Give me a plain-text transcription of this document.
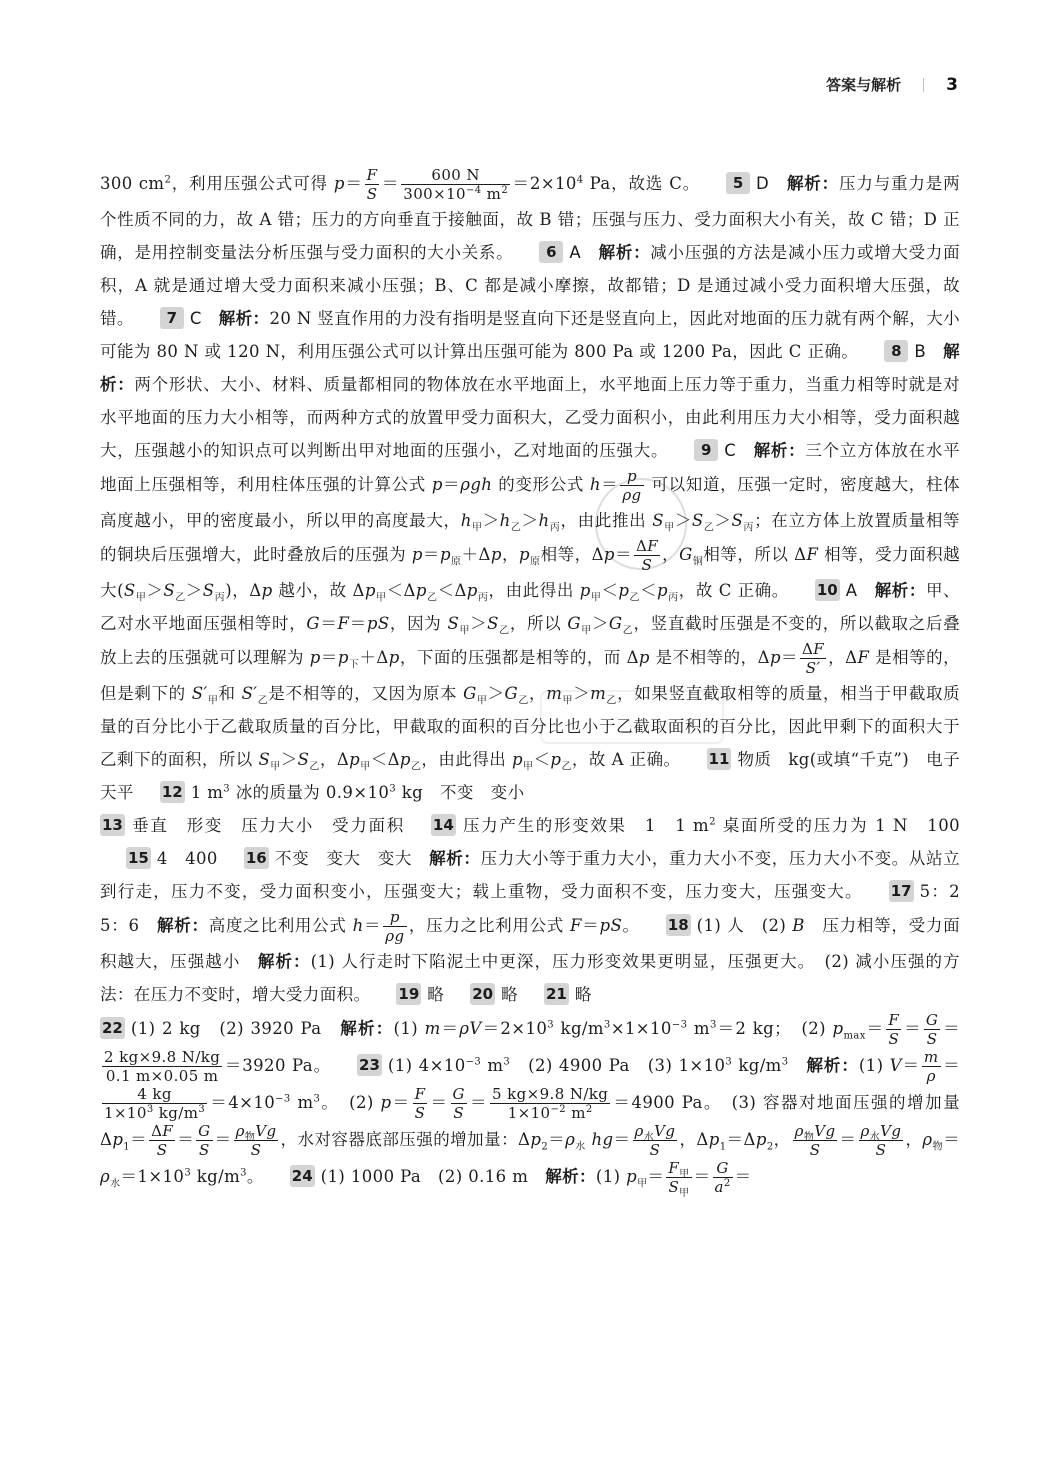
答案与解析	3

300 $cm^2$，利用压强公式可得 $p= \frac{F}{S} = \frac{600 N}{300\times 10^{-4} m^2} =2\times 10^4$ Pa，故选 C。 5 D　 解析：压力与重力是两个性质不同的力，故 A 错；压力的方向垂直于接触面，故 B 错；压强与压力、受力面积大小有关，故 C 错；D 正确，是用控制变量法分析压强与受力面积的大小关系。 6 A　 解析：减小压强的方法是减小压力或增大受力面积，A 就是通过增大受力面积来减小压强；B、C 都是减小摩擦，故都错；D 是通过减小受力面积增大压强，故错。 7 C　 解析：20 N 竖直作用的力没有指明是竖直向下还是竖直向上，因此对地面的压力就有两个解，大小可能为 80 N 或 120 N，利用压强公式可以计算出压强可能为 800 Pa 或 1200 Pa，因此 C 正确。 8 B　 解析：两个形状、大小、材料、质量都相同的物体放在水平地面上，水平地面上压力等于重力，当重力相等时就是对水平地面的压力大小相等，而两种方式的放置甲受力面积大，乙受力面积小，由此利用压力大小相等，受力面积越大，压强越小的知识点可以判断出甲对地面的压强小，乙对地面的压强大。 9 C　 解析：三个立方体放在水平地面上压强相等，利用柱体压强的计算公式 p＝ρgh 的变形公式 $h= \frac{p}{\rho g}$ 可以知道，压强一定时，密度越大，柱体高度越小，甲的密度最小，所以甲的高度最大，$h_甲>h_乙>h_丙$，由此推出 $S_甲>S_乙>S_丙$；在立方体上放置质量相等的铜块后压强增大，此时叠放后的压强为 $p=p_原+\Delta p$，$p_原$相等，$\Delta p= \frac{\Delta F}{S}$ ，$G_铜$相等，所以 ΔF 相等，受力面积越大$(S_甲>S_乙>S_丙)$，Δp 越小，故 $\Delta p_甲<\Delta p_乙<\Delta p_丙$，由此得出 $p_甲<p_乙<p_丙$，故 C 正确。 10 A　 解析：甲、乙对水平地面压强相等时，G＝F＝pS，因为 $S_甲>S_乙$，所以 $G_甲>G_乙$，竖直截时压强是不变的，所以截取之后叠放上去的压强就可以理解为 $p=p_下+\Delta p$，下面的压强都是相等的，而 Δp 是不相等的，$\Delta p= \frac{\Delta F}{S'}$ ，ΔF 是相等的，但是剩下的 $S'_甲$和 $S'_乙$是不相等的，又因为原本 $G_甲>G_乙$，$m_甲>m_乙$，如果竖直截取相等的质量，相当于甲截取质量的百分比小于乙截取质量的百分比，甲截取的面积的百分比也小于乙截取面积的百分比，因此甲剩下的面积大于乙剩下的面积，所以 $S_甲>S_乙$，$\Delta p_甲<\Delta p_乙$，由此得出 $p_甲<p_乙$，故 A 正确。 11 物质　kg(或填“千克”)　电子天平 12 1 $m^3$ 冰的质量为 $0.9\times 10^3$ kg　不变　变小
13 垂直　形变　压力大小　受力面积 14 压力产生的形变效果　1　1 $m^2$ 桌面所受的压力为 1 N　10015 4　400 16 不变　变大　变大　 解析：压力大小等于重力大小，重力大小不变，压力大小不变。从站立到行走，压力不变，受力面积变小，压强变大；载上重物，受力面积不变，压力变大，压强变大。 17 5：2　5：6　 解析：高度之比利用公式 $h= \frac{p}{\rho g}$ ，压力之比利用公式 F＝pS。 18 (1) 人　(2) B　压力相等，受力面积越大，压强越小　解析：(1) 人行走时下陷泥土中更深，压力形变效果更明显，压强更大。　(2) 减小压强的方法：在压力不变时，增大受力面积。 19 略 20 略 21 略
22 (1) 2 kg　(2) 3920 Pa　 解析：(1) $m=\rho V=2\times 10^3$ $kg/m^3\times 1\times 10^{-3}$ $m^3=2$ kg；　(2) $p_{max}= \frac{F}{S} = \frac{G}{S}$ ＝
$\frac{2 kg\times 9.8 N/kg}{0.1 m\times 0.05 m} =3920$ Pa。 23 (1) $4\times 10^{-3}$ $m^3$　(2) 4900 Pa　(3) $1\times 10^3$ $kg/m^3$　 解析：(1) $V= \frac{m}{\rho}$ ＝
$\frac{4 kg}{1\times 10^3 kg/m^3} =4\times 10^{-3}$ $m^3$。　(2) $p= \frac{F}{S} = \frac{G}{S} = \frac{5 kg\times 9.8 N/kg}{1\times 10^{-2} m^2} =4900$ Pa。　(3) 容器对地面压强的增加量 $\Delta p_1= \frac{\Delta F}{S} = \frac{G}{S} = \frac{\rho_物Vg}{S}$ ，水对容器底部压强的增加量：$\Delta p_2=\rho_水$ $hg= \frac{\rho_水Vg}{S}$ ，$\Delta p_1=\Delta p_2$， $\frac{\rho_物Vg}{S} = \frac{\rho_水Vg}{S}$ ，$\rho_物=\rho_水=1\times 10^3$ $kg/m^3$。 24 (1) 1000 Pa　(2) 0.16 m　 解析：(1) $p_甲= \frac{F_甲}{S_甲} = \frac{G}{a^2}$ ＝
